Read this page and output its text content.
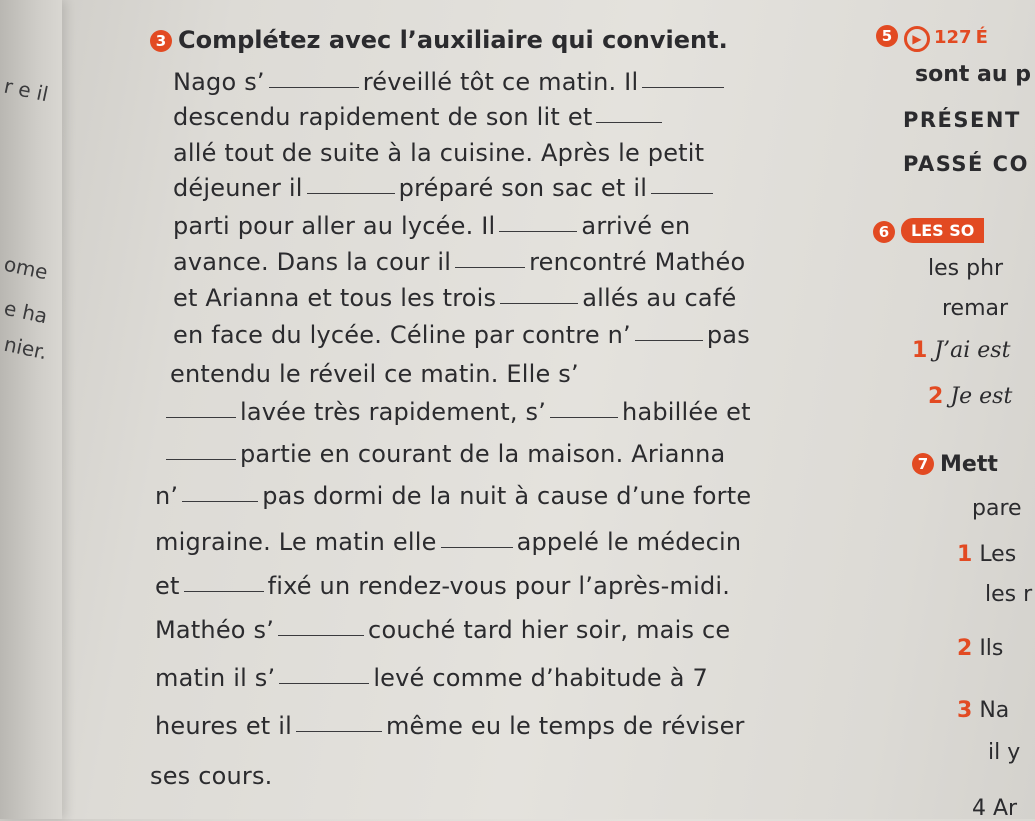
r e il
ome
e ha
nier.
3 Complétez avec l’auxiliaire qui convient.
Nago s’	réveillé tôt ce matin. Il
descendu rapidement de son lit et
allé tout de suite à la cuisine. Après le petit
déjeuner il	préparé son sac et il
parti pour aller au lycée. Il	arrivé en
avance. Dans la cour il	rencontré Mathéo
et Arianna et tous les trois	allés au café
en face du lycée. Céline par contre n’	pas
entendu le réveil ce matin. Elle s’
lavée très rapidement, s’	habillée et
partie en courant de la maison. Arianna
n’	pas dormi de la nuit à cause d’une forte
migraine. Le matin elle	appelé le médecin
et	fixé un rendez-vous pour l’après-midi.
Mathéo s’	couché tard hier soir, mais ce
matin il s’	levé comme d’habitude à 7
heures et il	même eu le temps de réviser
ses cours.
5 ▶ 127 É
sont au p
PRÉSENT
PASSÉ CO
6 LES SO
les phr
remar
1 J’ai est
2 Je est
7 Mett
pare
1 Les
les r
2 Ils
3 Na
il y
4 Ar
